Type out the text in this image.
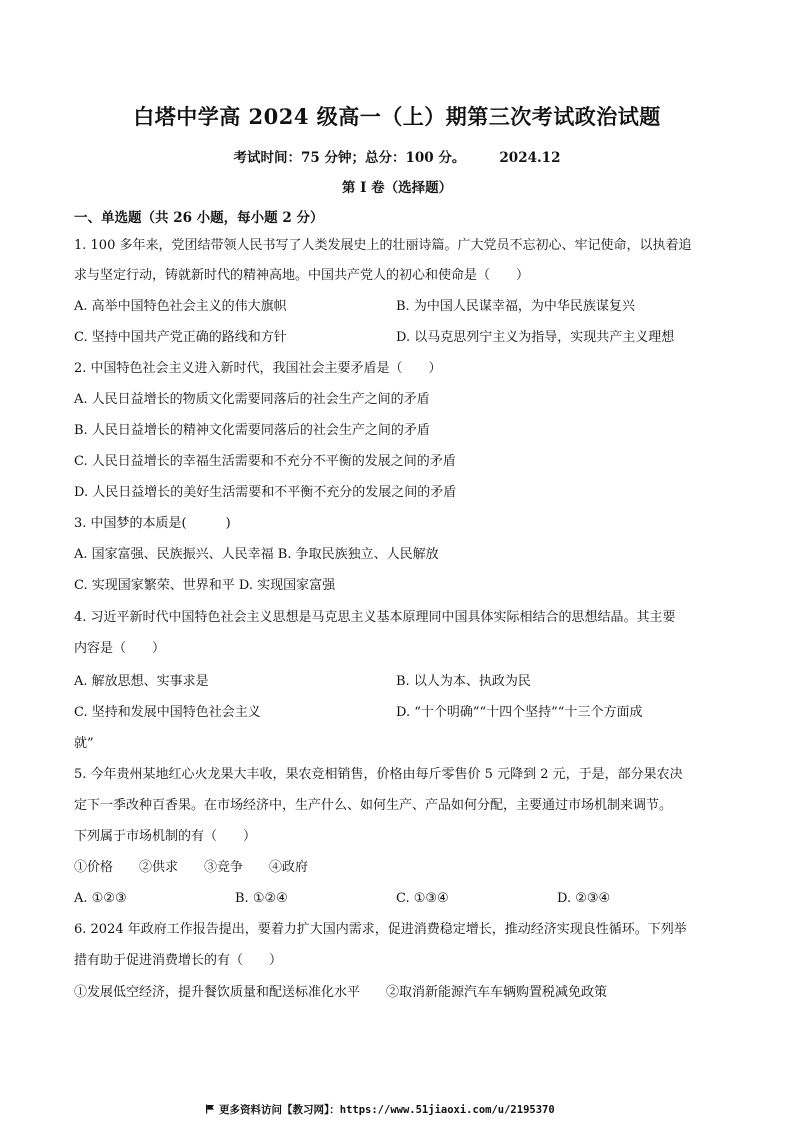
白塔中学高 2024 级高一（上）期第三次考试政治试题
考试时间：75 分钟；总分：100 分。	2024.12
第 I 卷（选择题）
一、单选题（共 26 小题，每小题 2 分）
1. 100 多年来，党团结带领人民书写了人类发展史上的壮丽诗篇。广大党员不忘初心、牢记使命，以执着追
求与坚定行动，铸就新时代的精神高地。中国共产党人的初心和使命是（　　）
A. 高举中国特色社会主义的伟大旗帜	B. 为中国人民谋幸福，为中华民族谋复兴
C. 坚持中国共产党正确的路线和方针	D. 以马克思列宁主义为指导，实现共产主义理想
2. 中国特色社会主义进入新时代，我国社会主要矛盾是（　　）
A. 人民日益增长的物质文化需要同落后的社会生产之间的矛盾
B. 人民日益增长的精神文化需要同落后的社会生产之间的矛盾
C. 人民日益增长的幸福生活需要和不充分不平衡的发展之间的矛盾
D. 人民日益增长的美好生活需要和不平衡不充分的发展之间的矛盾
3. 中国梦的本质是(　　　)
A. 国家富强、民族振兴、人民幸福 B. 争取民族独立、人民解放
C. 实现国家繁荣、世界和平 D. 实现国家富强
4. 习近平新时代中国特色社会主义思想是马克思主义基本原理同中国具体实际相结合的思想结晶。其主要
内容是（　　）
A. 解放思想、实事求是	B. 以人为本、执政为民
C. 坚持和发展中国特色社会主义	D. “十个明确”“十四个坚持”“十三个方面成
就”
5. 今年贵州某地红心火龙果大丰收，果农竞相销售，价格由每斤零售价 5 元降到 2 元，于是，部分果农决
定下一季改种百香果。在市场经济中，生产什么、如何生产、产品如何分配，主要通过市场机制来调节。
下列属于市场机制的有（　　）
①价格　　②供求　　③竞争　　④政府
A. ①②③	B. ①②④	C. ①③④	D. ②③④
6. 2024 年政府工作报告提出，要着力扩大国内需求，促进消费稳定增长，推动经济实现良性循环。下列举
措有助于促进消费增长的有（　　）
①发展低空经济，提升餐饮质量和配送标准化水平　　②取消新能源汽车车辆购置税减免政策
更多资料访问【教习网】：https://www.51jiaoxi.com/u/2195370
